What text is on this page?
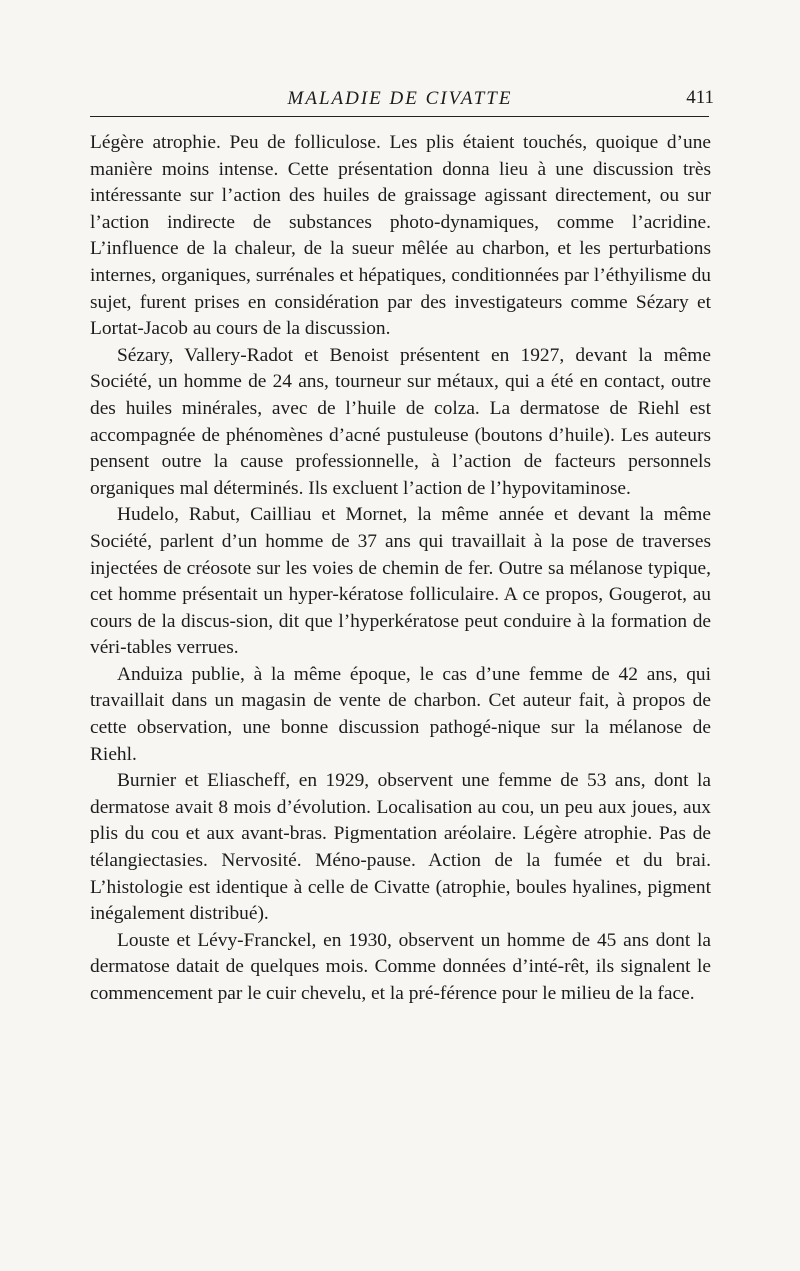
MALADIE DE CIVATTE	411

Légère atrophie. Peu de folliculose. Les plis étaient touchés, quoique d’une manière moins intense. Cette présentation donna lieu à une discussion très intéressante sur l’action des huiles de graissage agissant directement, ou sur l’action indirecte de substances photo-dynamiques, comme l’acridine. L’influence de la chaleur, de la sueur mêlée au charbon, et les perturbations internes, organiques, surrénales et hépatiques, conditionnées par l’éthyilisme du sujet, furent prises en considération par des investigateurs comme Sézary et Lortat-Jacob au cours de la discussion.

Sézary, Vallery-Radot et Benoist présentent en 1927, devant la même Société, un homme de 24 ans, tourneur sur métaux, qui a été en contact, outre des huiles minérales, avec de l’huile de colza. La dermatose de Riehl est accompagnée de phénomènes d’acné pustuleuse (boutons d’huile). Les auteurs pensent outre la cause professionnelle, à l’action de facteurs personnels organiques mal déterminés. Ils excluent l’action de l’hypovitaminose.

Hudelo, Rabut, Cailliau et Mornet, la même année et devant la même Société, parlent d’un homme de 37 ans qui travaillait à la pose de traverses injectées de créosote sur les voies de chemin de fer. Outre sa mélanose typique, cet homme présentait un hyper-kératose folliculaire. A ce propos, Gougerot, au cours de la discus-sion, dit que l’hyperkératose peut conduire à la formation de véri-tables verrues.

Anduiza publie, à la même époque, le cas d’une femme de 42 ans, qui travaillait dans un magasin de vente de charbon. Cet auteur fait, à propos de cette observation, une bonne discussion pathogé-nique sur la mélanose de Riehl.

Burnier et Eliascheff, en 1929, observent une femme de 53 ans, dont la dermatose avait 8 mois d’évolution. Localisation au cou, un peu aux joues, aux plis du cou et aux avant-bras. Pigmentation aréolaire. Légère atrophie. Pas de télangiectasies. Nervosité. Méno-pause. Action de la fumée et du brai. L’histologie est identique à celle de Civatte (atrophie, boules hyalines, pigment inégalement distribué).

Louste et Lévy-Franckel, en 1930, observent un homme de 45 ans dont la dermatose datait de quelques mois. Comme données d’inté-rêt, ils signalent le commencement par le cuir chevelu, et la pré-férence pour le milieu de la face.
